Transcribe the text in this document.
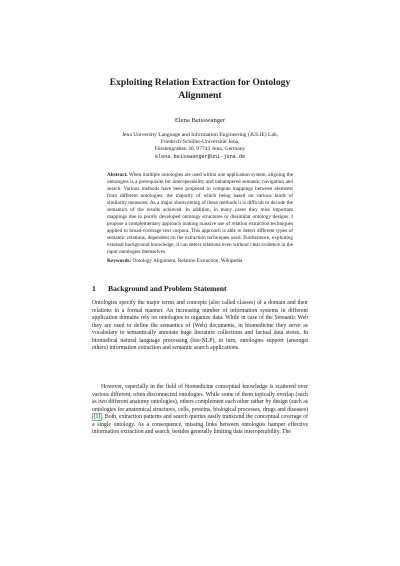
Exploiting Relation Extraction for Ontology
Alignment
Elena Beisswanger
Jena University Language and Information Engineering (JULIE) Lab,
Friedrich-Schiller-Universität Jena,
Fürstengraben 30, 07743 Jena, Germany
elena.beisswanger@uni-jena.de
Abstract. When multiple ontologies are used within one application system, aligning the ontologies is a prerequisite for interoperability and unhampered semantic navigation and search. Various methods have been proposed to compute mappings between elements from different ontologies, the majority of which being based on various kinds of similarity measures. As a major shortcoming of these methods it is difficult to decode the semantics of the results achieved. In addition, in many cases they miss important mappings due to poorly developed ontology structures or dissimilar ontology designs. I propose a complementary approach making massive use of relation extraction techniques applied to broad-coverage text corpora. This approach is able to detect different types of semantic relations, dependent on the extraction techniques used. Furthermore, exploiting external background knowledge, it can detect relations even without clear evidence in the input ontologies themselves.
Keywords: Ontology Alignment, Relation Extraction, Wikipedia
1 Background and Problem Statement
Ontologies specify the major terms and concepts (also called classes) of a domain and their relations in a formal manner. An increasing number of information systems in different application domains rely on ontologies to organize data. While in case of the Semantic Web they are used to define the semantics of (Web) documents, in biomedicine they serve as vocabulary to semantically annotate huge literature collections and factual data stores. In biomedical natural language processing (bio-NLP), in turn, ontologies support (amongst others) information extraction and semantic search applications.
However, especially in the field of biomedicine conceptual knowledge is scattered over various different, often disconnected ontologies. While some of them topically overlap (such as two different anatomy ontologies), others complement each other rather by design (such as ontologies for anatomical structures, cells, proteins, biological processes, drugs and diseases) [1] . Both, extraction patterns and search queries easily transcend the conceptual coverage of a single ontology. As a consequence, missing links between ontologies hamper effective information extraction and search, besides generally limiting data interoperability. The
